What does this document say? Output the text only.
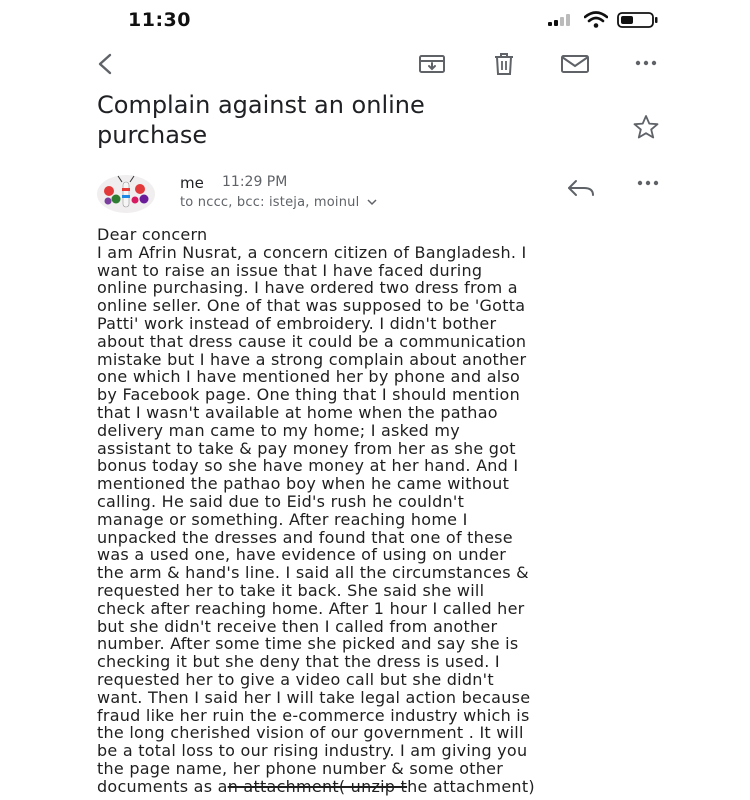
11:30
Complain against an online
purchase
me 11:29 PM
to nccc, bcc: isteja, moinul
Dear concern
I am Afrin Nusrat, a concern citizen of Bangladesh. I
want to raise an issue that I have faced during
online purchasing. I have ordered two dress from a
online seller. One of that was supposed to be 'Gotta
Patti' work instead of embroidery. I didn't bother
about that dress cause it could be a communication
mistake but I have a strong complain about another
one which I have mentioned her by phone and also
by Facebook page. One thing that I should mention
that I wasn't available at home when the pathao
delivery man came to my home; I asked my
assistant to take & pay money from her as she got
bonus today so she have money at her hand. And I
mentioned the pathao boy when he came without
calling. He said due to Eid's rush he couldn't
manage or something. After reaching home I
unpacked the dresses and found that one of these
was a used one, have evidence of using on under
the arm & hand's line. I said all the circumstances &
requested her to take it back. She said she will
check after reaching home. After 1 hour I called her
but she didn't receive then I called from another
number. After some time she picked and say she is
checking it but she deny that the dress is used. I
requested her to give a video call but she didn't
want. Then I said her I will take legal action because
fraud like her ruin the e-commerce industry which is
the long cherished vision of our government . It will
be a total loss to our rising industry. I am giving you
the page name, her phone number & some other
documents as an attachment( unzip the attachment)
